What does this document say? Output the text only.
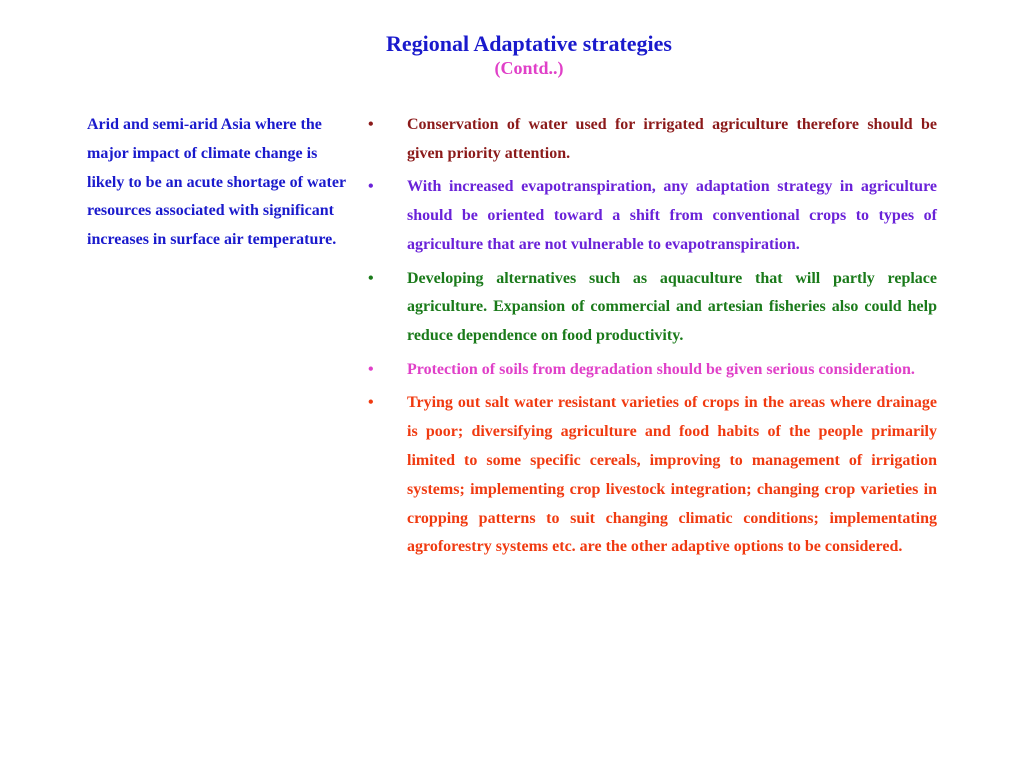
Regional Adaptative strategies
(Contd..)
Arid and semi-arid Asia where the major impact of climate change is likely to be an acute shortage of water resources associated with significant increases in surface air temperature.
• Conservation of water used for irrigated agriculture therefore should be given priority attention.
• With increased evapotranspiration, any adaptation strategy in agriculture should be oriented toward a shift from conventional crops to types of agriculture that are not vulnerable to evapotranspiration.
• Developing alternatives such as aquaculture that will partly replace agriculture. Expansion of commercial and artesian fisheries also could help reduce dependence on food productivity.
• Protection of soils from degradation should be given serious consideration.
• Trying out salt water resistant varieties of crops in the areas where drainage is poor; diversifying agriculture and food habits of the people primarily limited to some specific cereals, improving to management of irrigation systems; implementing crop livestock integration; changing crop varieties in cropping patterns to suit changing climatic conditions; implementating agroforestry systems etc. are the other adaptive options to be considered.
